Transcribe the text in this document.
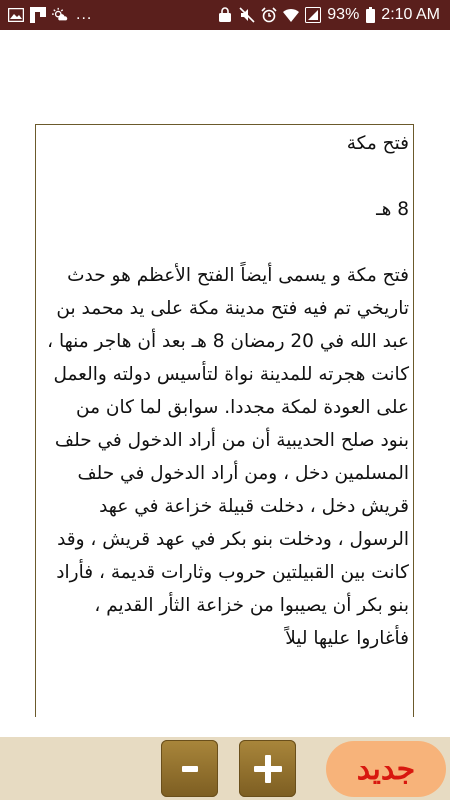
...	93% 2:10 AM

فتح مكة

8 هـ

فتح مكة و يسمى أيضاً الفتح الأعظم هو حدث تاريخي تم فيه فتح مدينة مكة على يد محمد بن عبد الله في 20 رمضان 8 هـ بعد أن هاجر منها ، كانت هجرته للمدينة نواة لتأسيس دولته والعمل على العودة لمكة مجددا. سوابق لما كان من بنود صلح الحديبية أن من أراد الدخول في حلف المسلمين دخل ، ومن أراد الدخول في حلف قريش دخل ، دخلت قبيلة خزاعة في عهد الرسول ، ودخلت بنو بكر في عهد قريش ، وقد كانت بين القبيلتين حروب وثارات قديمة ، فأراد بنو بكر أن يصيبوا من خزاعة الثأر القديم ، فأغاروا عليها ليلاً

جديد
